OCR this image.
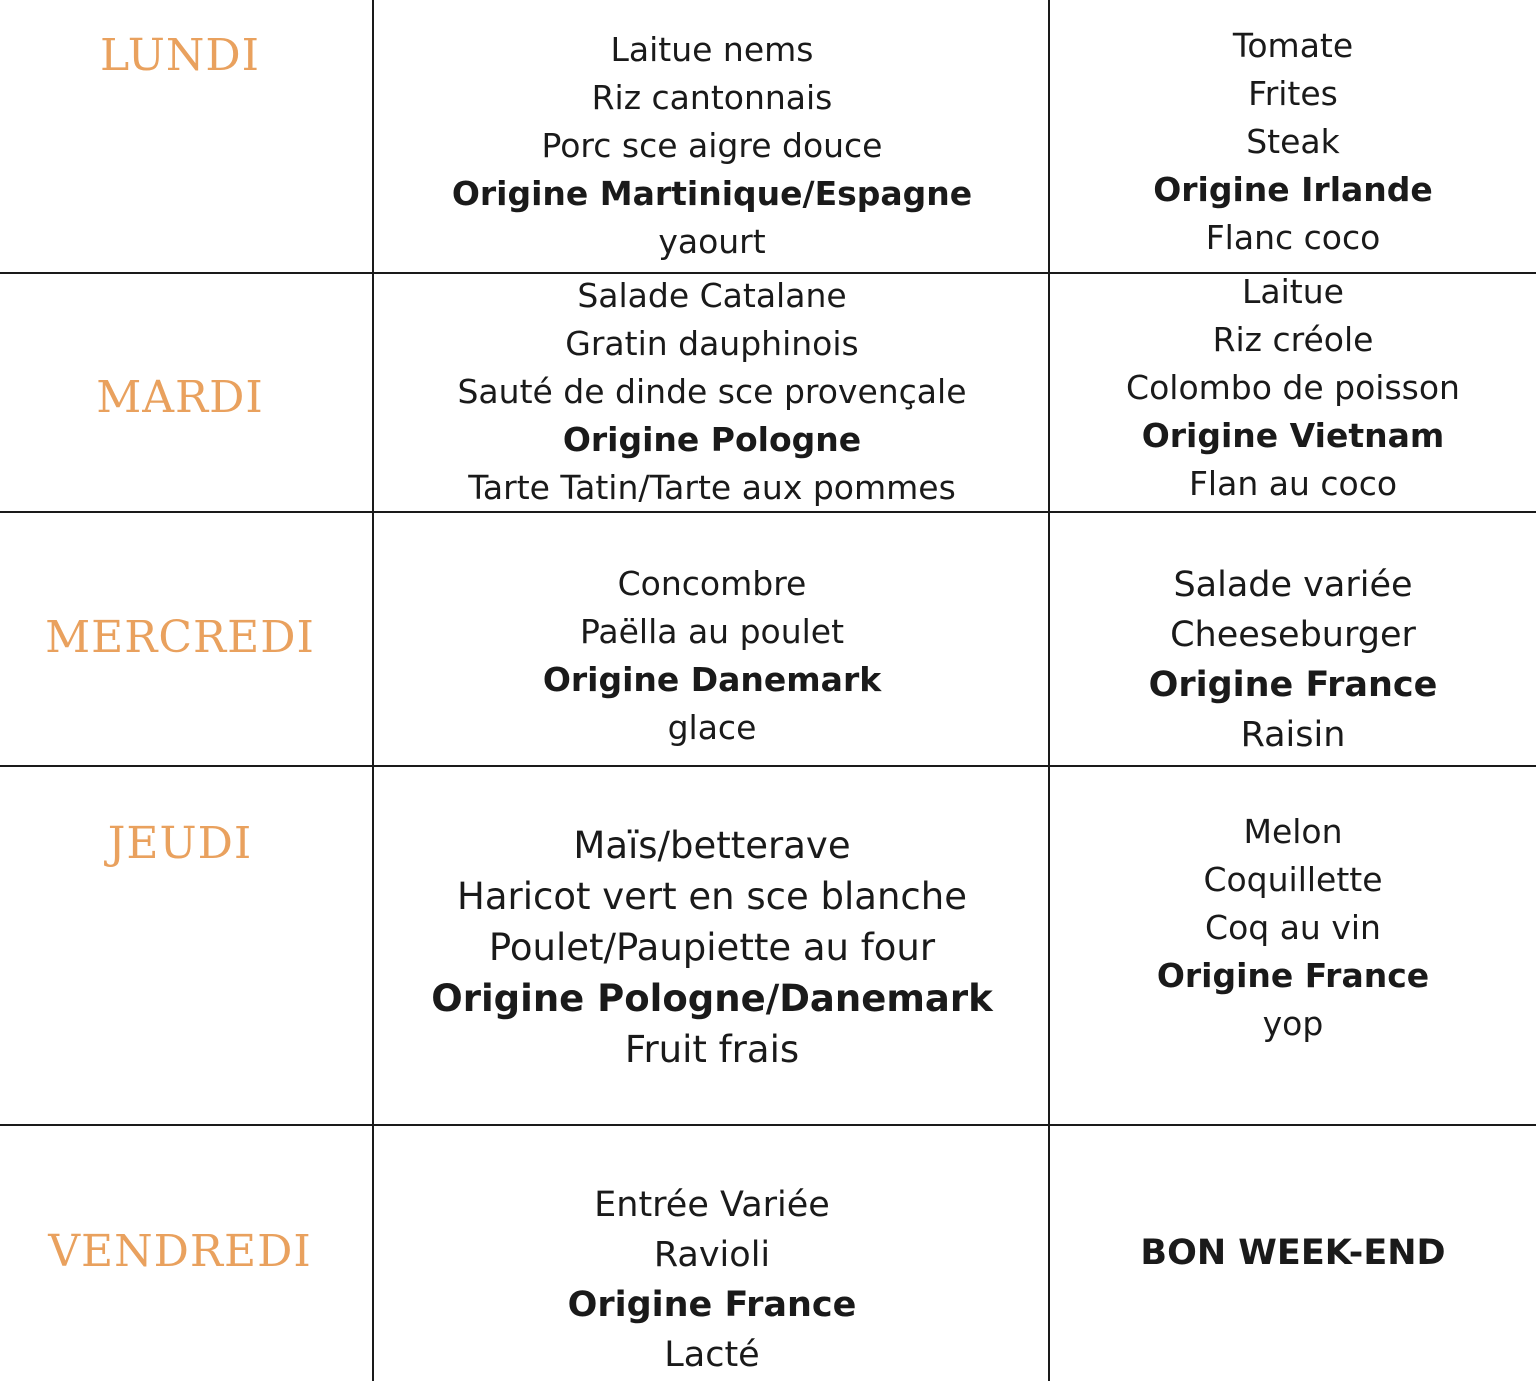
LUNDI
MARDI
MERCREDI
JEUDI
VENDREDI
Laitue nems
Riz cantonnais
Porc sce aigre douce
Origine Martinique/Espagne
yaourt
Tomate
Frites
Steak
Origine Irlande
Flanc coco
Salade Catalane
Gratin dauphinois
Sauté de dinde sce provençale
Origine Pologne
Tarte Tatin/Tarte aux pommes
Laitue
Riz créole
Colombo de poisson
Origine Vietnam
Flan au coco
Concombre
Paëlla au poulet
Origine Danemark
glace
Salade variée
Cheeseburger
Origine France
Raisin
Maïs/betterave
Haricot vert en sce blanche
Poulet/Paupiette au four
Origine Pologne/Danemark
Fruit frais
Melon
Coquillette
Coq au vin
Origine France
yop
Entrée Variée
Ravioli
Origine France
Lacté
BON WEEK-END
